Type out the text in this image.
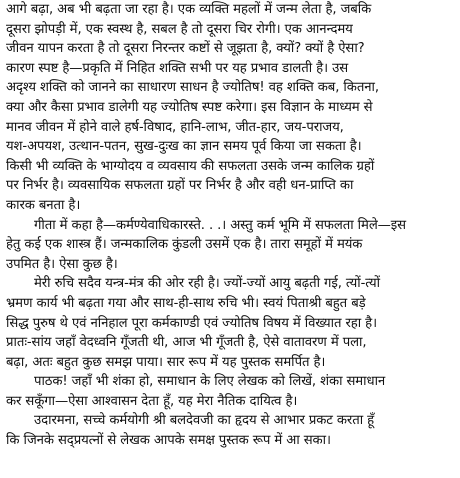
आगे बढ़ा, अब भी बढ़ता जा रहा है। एक व्यक्ति महलों में जन्म लेता है, जबकि
दूसरा झोपड़ी में, एक स्वस्थ है, सबल है तो दूसरा चिर रोगी। एक आनन्दमय
जीवन यापन करता है तो दूसरा निरन्तर कष्टों से जूझता है, क्यों? क्यों है ऐसा?
कारण स्पष्ट है—प्रकृति में निहित शक्ति सभी पर यह प्रभाव डालती है। उस
अदृश्य शक्ति को जानने का साधारण साधन है ज्योतिष! वह शक्ति कब, कितना,
क्या और कैसा प्रभाव डालेगी यह ज्योतिष स्पष्ट करेगा। इस विज्ञान के माध्यम से
मानव जीवन में होने वाले हर्ष-विषाद, हानि-लाभ, जीत-हार, जय-पराजय,
यश-अपयश, उत्थान-पतन, सुख-दुःख का ज्ञान समय पूर्व किया जा सकता है।
किसी भी व्यक्ति के भाग्योदय व व्यवसाय की सफलता उसके जन्म कालिक ग्रहों
पर निर्भर है। व्यवसायिक सफलता ग्रहों पर निर्भर है और वही धन-प्राप्ति का
कारक बनता है।
गीता में कहा है—कर्मण्येवाधिकारस्ते. . .। अस्तु कर्म भूमि में सफलता मिले—इस
हेतु कई एक शास्त्र हैं। जन्मकालिक कुंडली उसमें एक है। तारा समूहों में मयंक
उपमित है। ऐसा कुछ है।
मेरी रुचि सदैव यन्त्र-मंत्र की ओर रही है। ज्यों-ज्यों आयु बढ़ती गई, त्यों-त्यों
भ्रमण कार्य भी बढ़ता गया और साथ-ही-साथ रुचि भी। स्वयं पिताश्री बहुत बड़े
सिद्ध पुरुष थे एवं ननिहाल पूरा कर्मकाण्डी एवं ज्योतिष विषय में विख्यात रहा है।
प्रातः-सांय जहाँ वेदध्वनि गूँजती थी, आज भी गूँजती है, ऐसे वातावरण में पला,
बढ़ा, अतः बहुत कुछ समझ पाया। सार रूप में यह पुस्तक समर्पित है।
पाठक! जहाँ भी शंका हो, समाधान के लिए लेखक को लिखें, शंका समाधान
कर सकूँगा—ऐसा आश्वासन देता हूँ, यह मेरा नैतिक दायित्व है।
उदारमना, सच्चे कर्मयोगी श्री बलदेवजी का हृदय से आभार प्रकट करता हूँ
कि जिनके सद्प्रयत्नों से लेखक आपके समक्ष पुस्तक रूप में आ सका।
